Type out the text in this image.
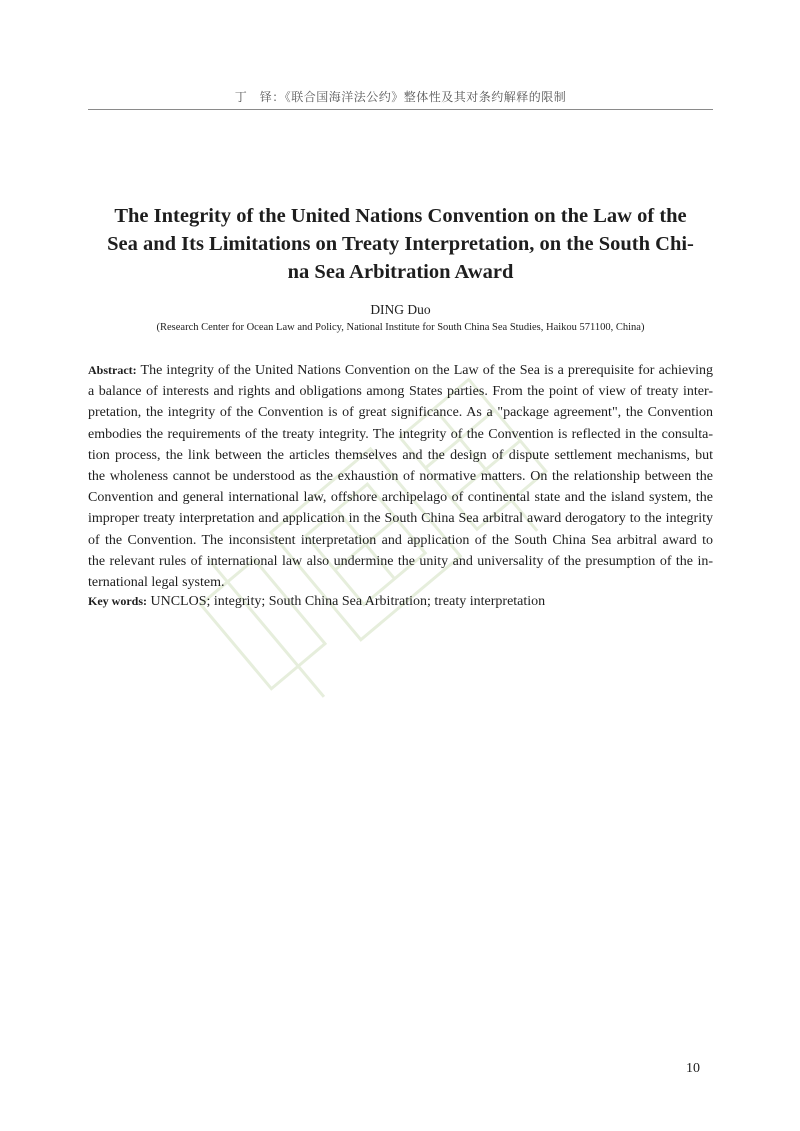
丁　铎：《联合国海洋法公约》整体性及其对条约解释的限制
The Integrity of the United Nations Convention on the Law of the
Sea and Its Limitations on Treaty Interpretation, on the South Chi-
na Sea Arbitration Award
DING Duo
(Research Center for Ocean Law and Policy, National Institute for South China Sea Studies, Haikou 571100, China)
Abstract: The integrity of the United Nations Convention on the Law of the Sea is a prerequisite for achieving
a balance of interests and rights and obligations among States parties. From the point of view of treaty inter-
pretation, the integrity of the Convention is of great significance. As a "package agreement", the Convention
embodies the requirements of the treaty integrity. The integrity of the Convention is reflected in the consulta-
tion process, the link between the articles themselves and the design of dispute settlement mechanisms, but
the wholeness cannot be understood as the exhaustion of normative matters. On the relationship between the
Convention and general international law, offshore archipelago of continental state and the island system, the
improper treaty interpretation and application in the South China Sea arbitral award derogatory to the integrity
of the Convention. The inconsistent interpretation and application of the South China Sea arbitral award to
the relevant rules of international law also undermine the unity and universality of the presumption of the in-
ternational legal system.
Key words: UNCLOS; integrity; South China Sea Arbitration; treaty interpretation
10
